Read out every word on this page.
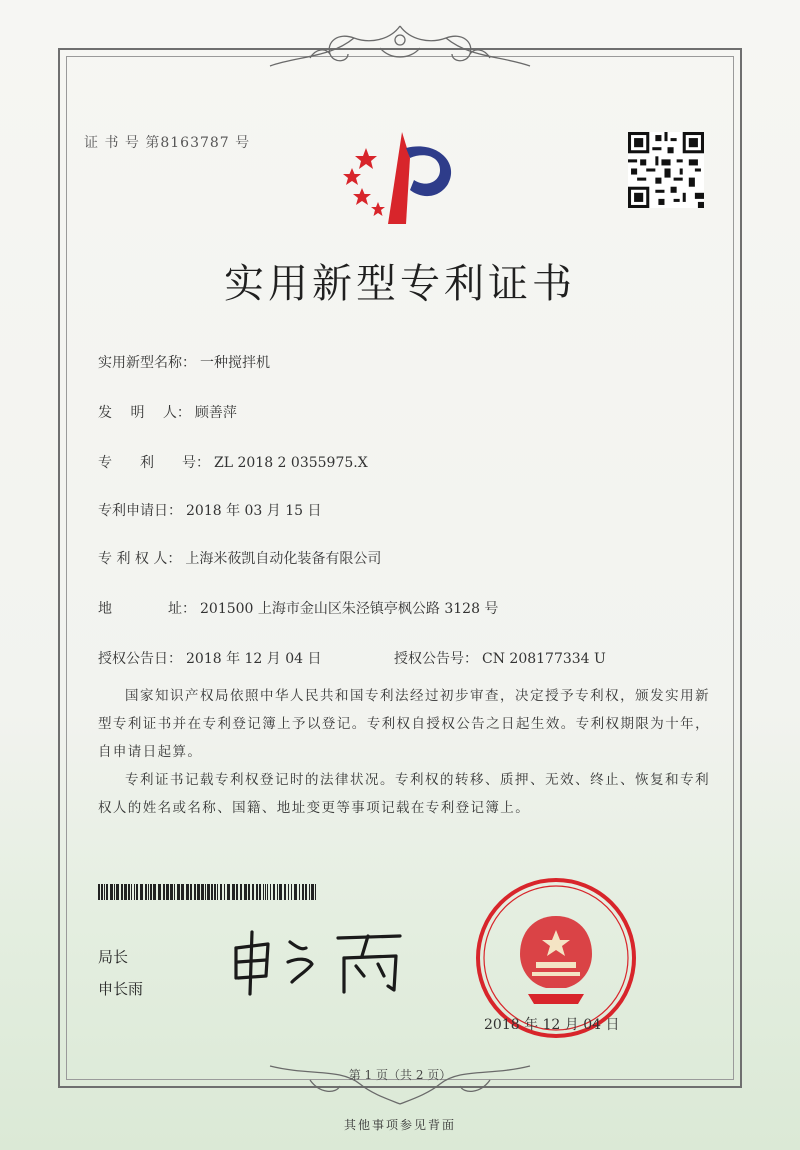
证 书 号 第8163787 号
实用新型专利证书
实用新型名称： 一种搅拌机
发　 明　 人： 顾善萍
专　　利　　号： ZL 2018 2 0355975.X
专利申请日： 2018 年 03 月 15 日
专 利 权 人： 上海米莜凯自动化装备有限公司
地　　　　址： 201500 上海市金山区朱泾镇亭枫公路 3128 号
授权公告日： 2018 年 12 月 04 日	授权公告号： CN 208177334 U
国家知识产权局依照中华人民共和国专利法经过初步审查，决定授予专利权，颁发实用新型专利证书并在专利登记簿上予以登记。专利权自授权公告之日起生效。专利权期限为十年，自申请日起算。
专利证书记载专利权登记时的法律状况。专利权的转移、质押、无效、终止、恢复和专利权人的姓名或名称、国籍、地址变更等事项记载在专利登记簿上。
局长
申长雨
2018 年 12 月 04 日
第 1 页（共 2 页）
其他事项参见背面
